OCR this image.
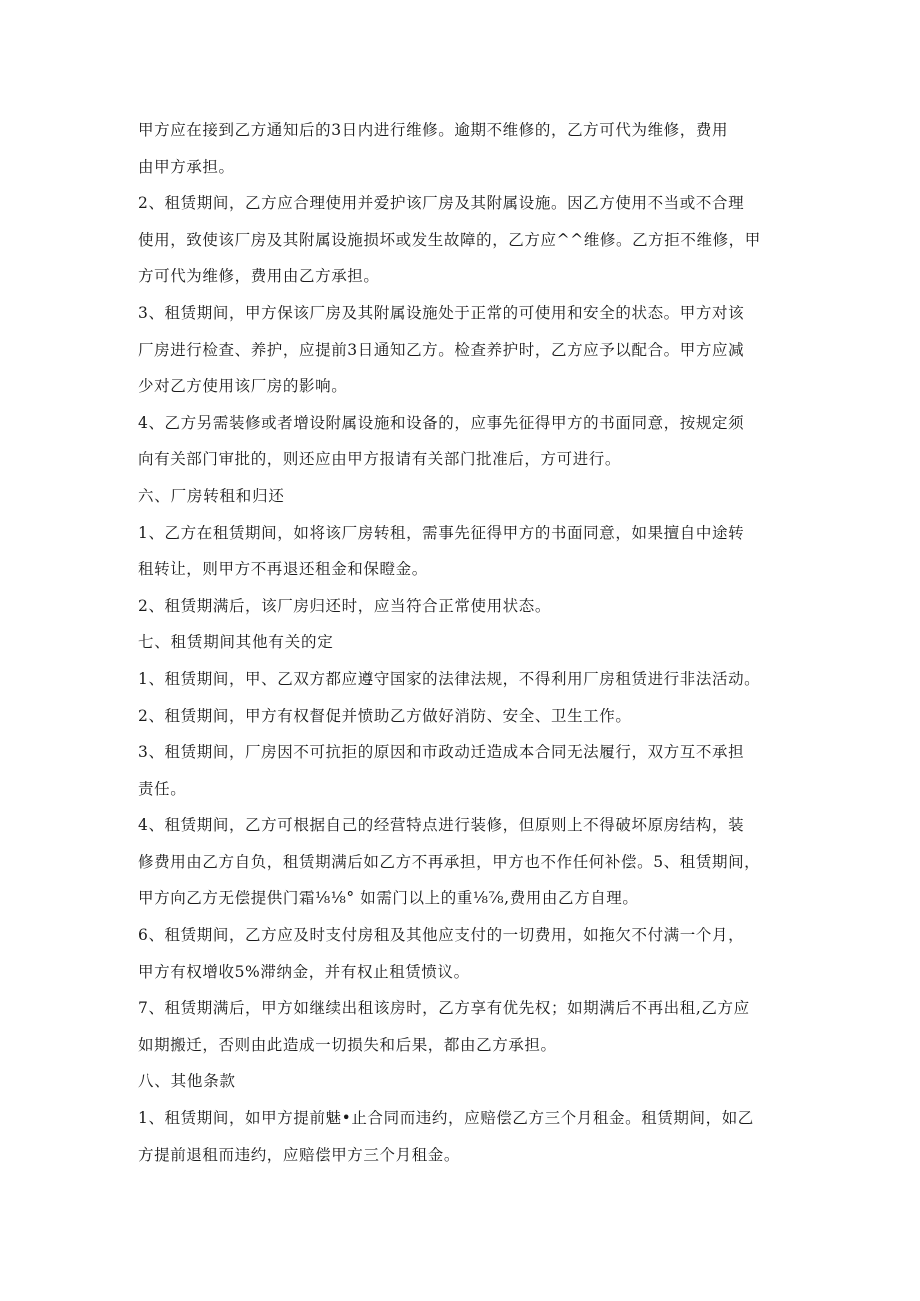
甲方应在接到乙方通知后的3日内进行维修。逾期不维修的，乙方可代为维修，费用
由甲方承担。
2、租赁期间，乙方应合理使用并爱护该厂房及其附属设施。因乙方使用不当或不合理
使用，致使该厂房及其附属设施损坏或发生故障的，乙方应^^维修。乙方拒不维修，甲
方可代为维修，费用由乙方承担。
3、租赁期间，甲方保该厂房及其附属设施处于正常的可使用和安全的状态。甲方对该
厂房进行检查、养护，应提前3日通知乙方。检查养护时，乙方应予以配合。甲方应减
少对乙方使用该厂房的影响。
4、乙方另需装修或者增设附属设施和设备的，应事先征得甲方的书面同意，按规定须
向有关部门审批的，则还应由甲方报请有关部门批准后，方可进行。
六、厂房转租和归还
1、乙方在租赁期间，如将该厂房转租，需事先征得甲方的书面同意，如果擅自中途转
租转让，则甲方不再退还租金和保瞪金。
2、租赁期满后，该厂房归还时，应当符合正常使用状态。
七、租赁期间其他有关的定
1、租赁期间，甲、乙双方都应遵守国家的法律法规，不得利用厂房租赁进行非法活动。
2、租赁期间，甲方有权督促并愤助乙方做好消防、安全、卫生工作。
3、租赁期间，厂房因不可抗拒的原因和市政动迁造成本合同无法履行，双方互不承担
责任。
4、租赁期间，乙方可根据自己的经营特点进行装修，但原则上不得破坏原房结构，装
修费用由乙方自负，租赁期满后如乙方不再承担，甲方也不作任何补偿。5、租赁期间，
甲方向乙方无偿提供门霜⅛⅛° 如需门以上的重⅛⅞,费用由乙方自理。
6、租赁期间，乙方应及时支付房租及其他应支付的一切费用，如拖欠不付满一个月，
甲方有权增收5%滞纳金，并有权止租赁愤议。
7、租赁期满后，甲方如继续出租该房时，乙方享有优先权；如期满后不再出租,乙方应
如期搬迁，否则由此造成一切损失和后果，都由乙方承担。
八、其他条款
1、租赁期间，如甲方提前魅•止合同而违约，应赔偿乙方三个月租金。租赁期间，如乙
方提前退租而违约，应赔偿甲方三个月租金。
